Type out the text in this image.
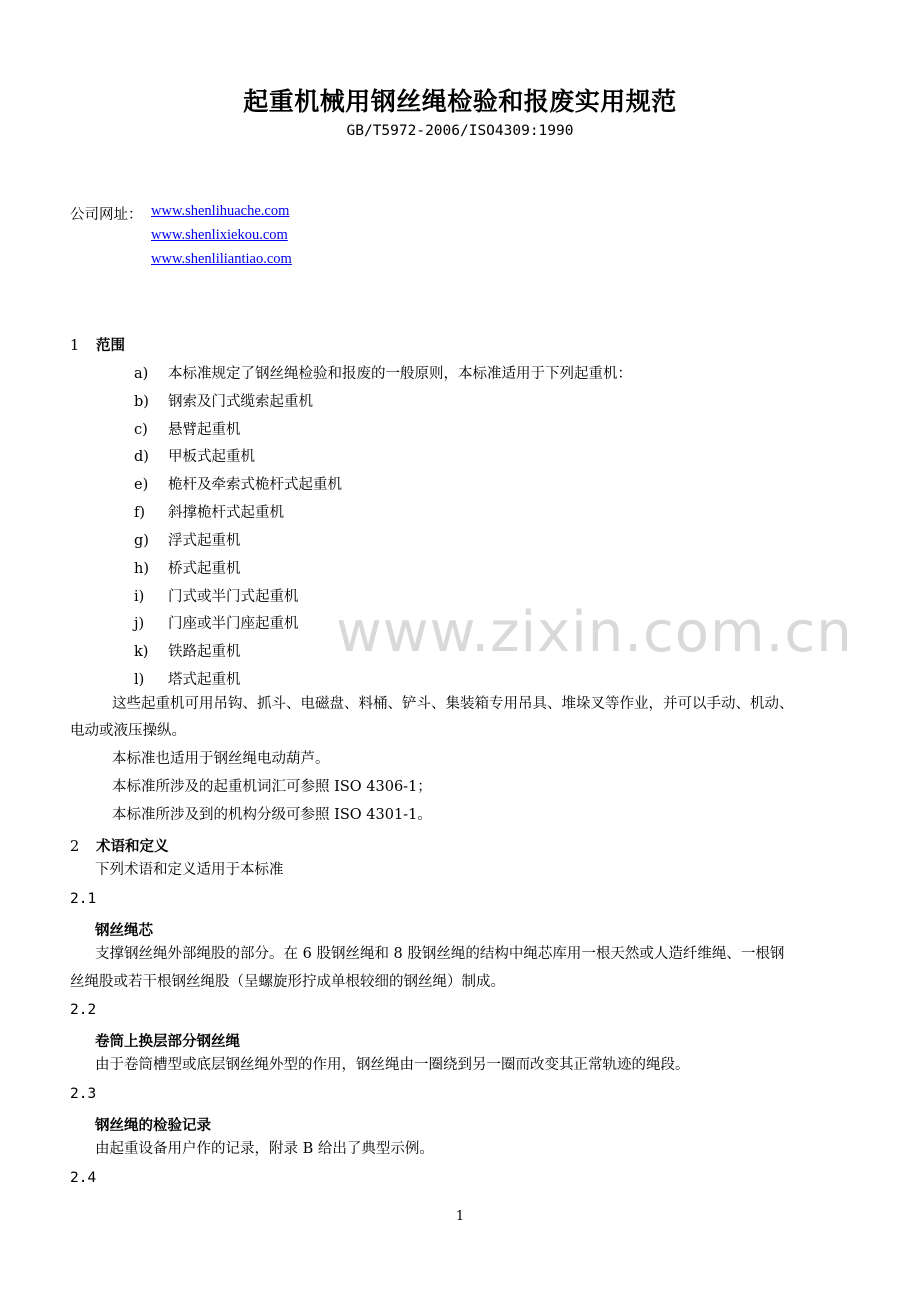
www.zixin.com.cn
起重机械用钢丝绳检验和报废实用规范
GB/T5972-2006/ISO4309:1990
公司网址： www.shenlihuache.com
www.shenlixiekou.com
www.shenliliantiao.com
1 范围
a) 本标准规定了钢丝绳检验和报废的一般原则，本标准适用于下列起重机：
b) 钢索及门式缆索起重机
c) 悬臂起重机
d) 甲板式起重机
e) 桅杆及牵索式桅杆式起重机
f) 斜撑桅杆式起重机
g) 浮式起重机
h) 桥式起重机
i) 门式或半门式起重机
j) 门座或半门座起重机
k) 铁路起重机
l) 塔式起重机
这些起重机可用吊钩、抓斗、电磁盘、料桶、铲斗、集装箱专用吊具、堆垛叉等作业，并可以手动、机动、
电动或液压操纵。
本标准也适用于钢丝绳电动葫芦。
本标准所涉及的起重机词汇可参照 ISO 4306-1；
本标准所涉及到的机构分级可参照 ISO 4301-1。
2 术语和定义
下列术语和定义适用于本标准
2.1
钢丝绳芯
支撑钢丝绳外部绳股的部分。在 6 股钢丝绳和 8 股钢丝绳的结构中绳芯库用一根天然或人造纤维绳、一根钢
丝绳股或若干根钢丝绳股（呈螺旋形拧成单根较细的钢丝绳）制成。
2.2
卷筒上换层部分钢丝绳
由于卷筒槽型或底层钢丝绳外型的作用，钢丝绳由一圈绕到另一圈而改变其正常轨迹的绳段。
2.3
钢丝绳的检验记录
由起重设备用户作的记录，附录 B 给出了典型示例。
2.4
1
